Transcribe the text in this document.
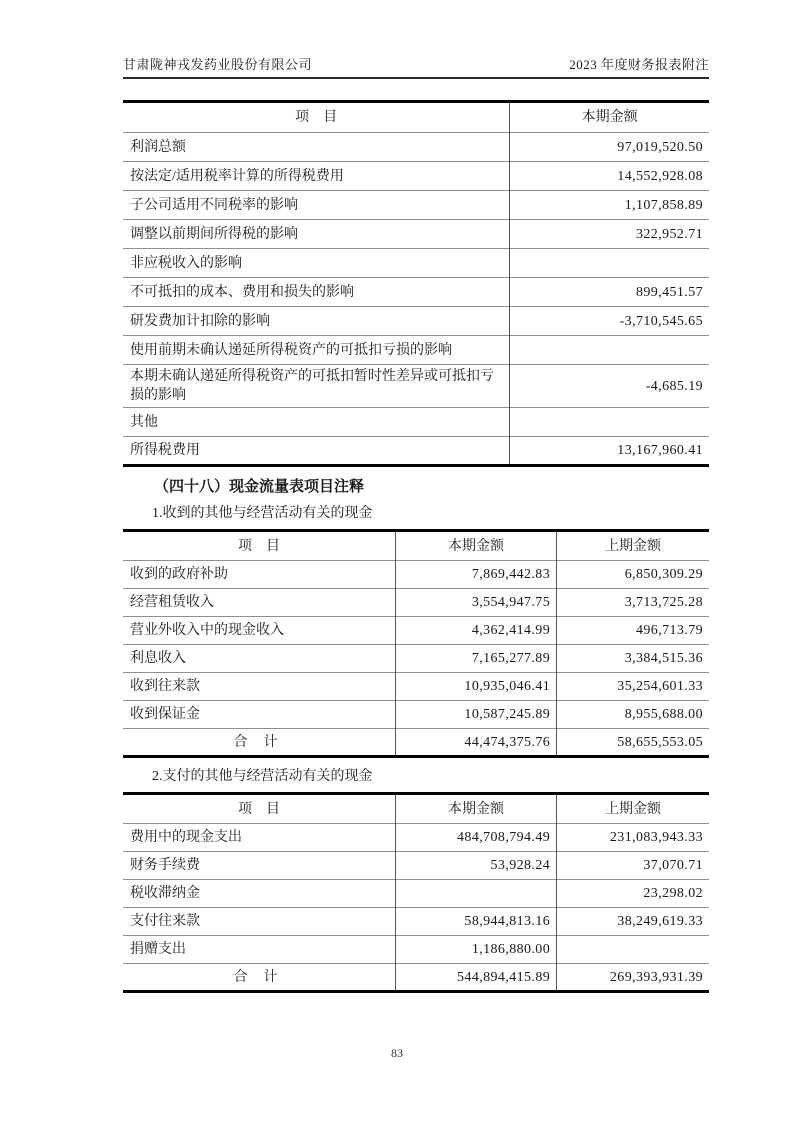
甘肃陇神戎发药业股份有限公司	2023 年度财务报表附注
项　目	本期金额
利润总额	97,019,520.50
按法定/适用税率计算的所得税费用	14,552,928.08
子公司适用不同税率的影响	1,107,858.89
调整以前期间所得税的影响	322,952.71
非应税收入的影响	
不可抵扣的成本、费用和损失的影响	899,451.57
研发费加计扣除的影响	-3,710,545.65
使用前期未确认递延所得税资产的可抵扣亏损的影响	
本期未确认递延所得税资产的可抵扣暂时性差异或可抵扣亏损的影响	-4,685.19
其他	
所得税费用	13,167,960.41
（四十八）现金流量表项目注释
1.收到的其他与经营活动有关的现金
项　目	本期金额	上期金额
收到的政府补助	7,869,442.83	6,850,309.29
经营租赁收入	3,554,947.75	3,713,725.28
营业外收入中的现金收入	4,362,414.99	496,713.79
利息收入	7,165,277.89	3,384,515.36
收到往来款	10,935,046.41	35,254,601.33
收到保证金	10,587,245.89	8,955,688.00
合　计	44,474,375.76	58,655,553.05
2.支付的其他与经营活动有关的现金
项　目	本期金额	上期金额
费用中的现金支出	484,708,794.49	231,083,943.33
财务手续费	53,928.24	37,070.71
税收滞纳金		23,298.02
支付往来款	58,944,813.16	38,249,619.33
捐赠支出	1,186,880.00	
合　计	544,894,415.89	269,393,931.39
83
